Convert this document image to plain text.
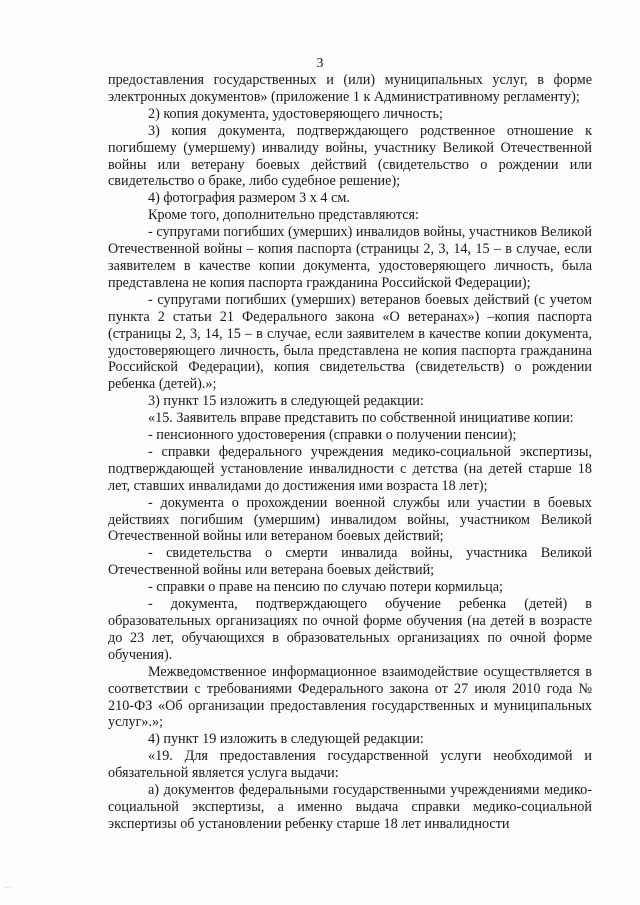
3

предоставления государственных и (или) муниципальных услуг, в форме электронных документов» (приложение 1 к Административному регламенту);

2) копия документа, удостоверяющего личность;

3) копия документа, подтверждающего родственное отношение к погибшему (умершему) инвалиду войны, участнику Великой Отечественной войны или ветерану боевых действий (свидетельство о рождении или свидетельство о браке, либо судебное решение);

4) фотография размером 3 х 4 см.

Кроме того, дополнительно представляются:

- супругами погибших (умерших) инвалидов войны, участников Великой Отечественной войны – копия паспорта (страницы 2, 3, 14, 15 – в случае, если заявителем в качестве копии документа, удостоверяющего личность, была представлена не копия паспорта гражданина Российской Федерации);

- супругами погибших (умерших) ветеранов боевых действий (с учетом пункта 2 статьи 21 Федерального закона «О ветеранах») –копия паспорта (страницы 2, 3, 14, 15 – в случае, если заявителем в качестве копии документа, удостоверяющего личность, была представлена не копия паспорта гражданина Российской Федерации), копия свидетельства (свидетельств) о рождении ребенка (детей).»;

3) пункт 15 изложить в следующей редакции:

«15. Заявитель вправе представить по собственной инициативе копии:

- пенсионного удостоверения (справки о получении пенсии);

- справки федерального учреждения медико-социальной экспертизы, подтверждающей установление инвалидности с детства (на детей старше 18 лет, ставших инвалидами до достижения ими возраста 18 лет);

- документа о прохождении военной службы или участии в боевых действиях погибшим (умершим) инвалидом войны, участником Великой Отечественной войны или ветераном боевых действий;

- свидетельства о смерти инвалида войны, участника Великой Отечественной войны или ветерана боевых действий;

- справки о праве на пенсию по случаю потери кормильца;

- документа, подтверждающего обучение ребенка (детей) в образовательных организациях по очной форме обучения (на детей в возрасте до 23 лет, обучающихся в образовательных организациях по очной форме обучения).

Межведомственное информационное взаимодействие осуществляется в соответствии с требованиями Федерального закона от 27 июля 2010 года № 210-ФЗ «Об организации предоставления государственных и муниципальных услуг».»;

4) пункт 19 изложить в следующей редакции:

«19. Для предоставления государственной услуги необходимой и обязательной является услуга выдачи:

а) документов федеральными государственными учреждениями медико-социальной экспертизы, а именно выдача справки медико-социальной экспертизы об установлении ребенку старше 18 лет инвалидности

·····
